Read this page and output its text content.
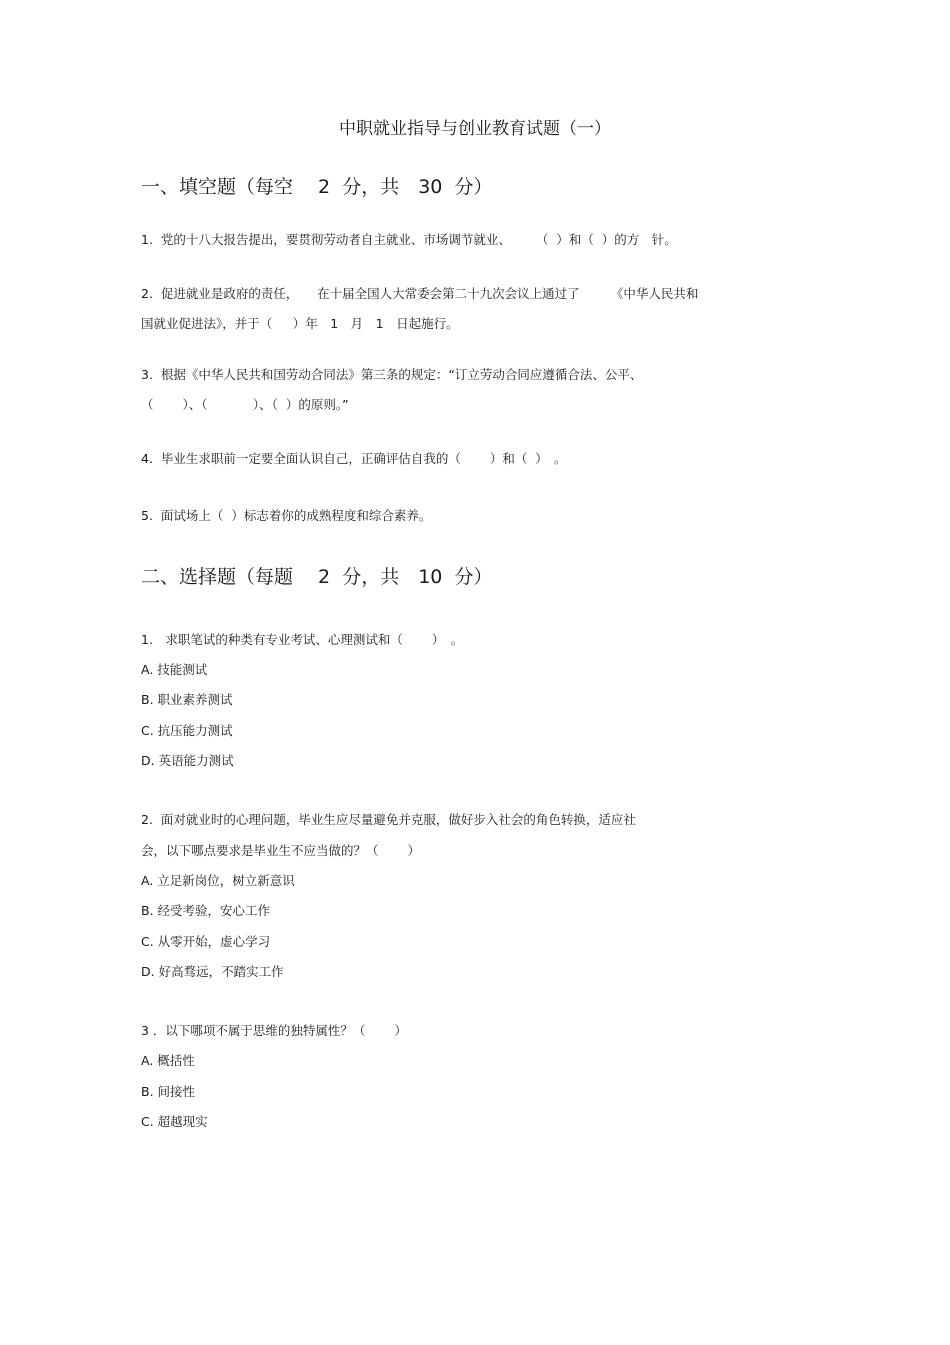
中职就业指导与创业教育试题（一）
一、填空题（每空　 2  分，共　30  分）
1.  党的十八大报告提出，要贯彻劳动者自主就业、市场调节就业、　　　（  ）和（  ）的方　针。
2.  促进就业是政府的责任，　　在十届全国人大常委会第二十九次会议上通过了　　　《中华人民共和
国就业促进法》，并于（　  ）年　1　月　1　日起施行。
3.  根据《中华人民共和国劳动合同法》第三条的规定：“订立劳动合同应遵循合法、公平、
（　　 ）、（　　　  ）、（  ）的原则。”
4.  毕业生求职前一定要全面认识自己，正确评估自我的（　　 ）和（  ）　。
5.  面试场上（  ）标志着你的成熟程度和综合素养。
二、选择题（每题　 2  分，共　10  分）
1.　求职笔试的种类有专业考试、心理测试和（　　 ）　。
A. 技能测试
B. 职业素养测试
C. 抗压能力测试
D. 英语能力测试
2.  面对就业时的心理问题，毕业生应尽量避免并克服，做好步入社会的角色转换，适应社
会，以下哪点要求是毕业生不应当做的？（　　 ）
A. 立足新岗位，树立新意识
B. 经受考验，安心工作
C. 从零开始，虚心学习
D. 好高骛远，不踏实工作
3 ．以下哪项不属于思维的独特属性？（　　 ）
A. 概括性
B. 间接性
C. 超越现实
